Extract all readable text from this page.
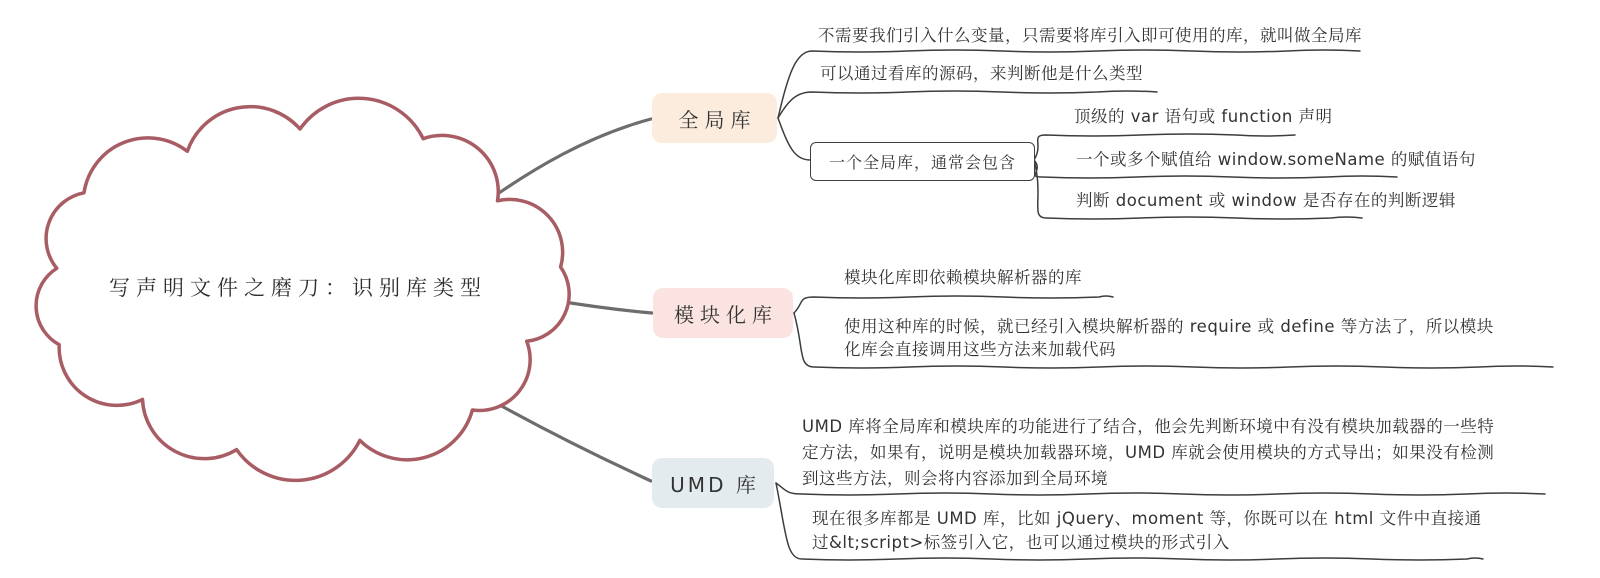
写声明文件之磨刀：识别库类型
全局库
模块化库
UMD 库
不需要我们引入什么变量，只需要将库引入即可使用的库，就叫做全局库
可以通过看库的源码，来判断他是什么类型
一个全局库，通常会包含
顶级的 var 语句或 function 声明
一个或多个赋值给 window.someName 的赋值语句
判断 document 或 window 是否存在的判断逻辑
模块化库即依赖模块解析器的库
使用这种库的时候，就已经引入模块解析器的 require 或 define 等方法了，所以模块化库会直接调用这些方法来加载代码
UMD 库将全局库和模块库的功能进行了结合，他会先判断环境中有没有模块加载器的一些特定方法，如果有，说明是模块加载器环境，UMD 库就会使用模块的方式导出；如果没有检测到这些方法，则会将内容添加到全局环境
现在很多库都是 UMD 库，比如 jQuery、moment 等，你既可以在 html 文件中直接通过&lt;script>标签引入它，也可以通过模块的形式引入
